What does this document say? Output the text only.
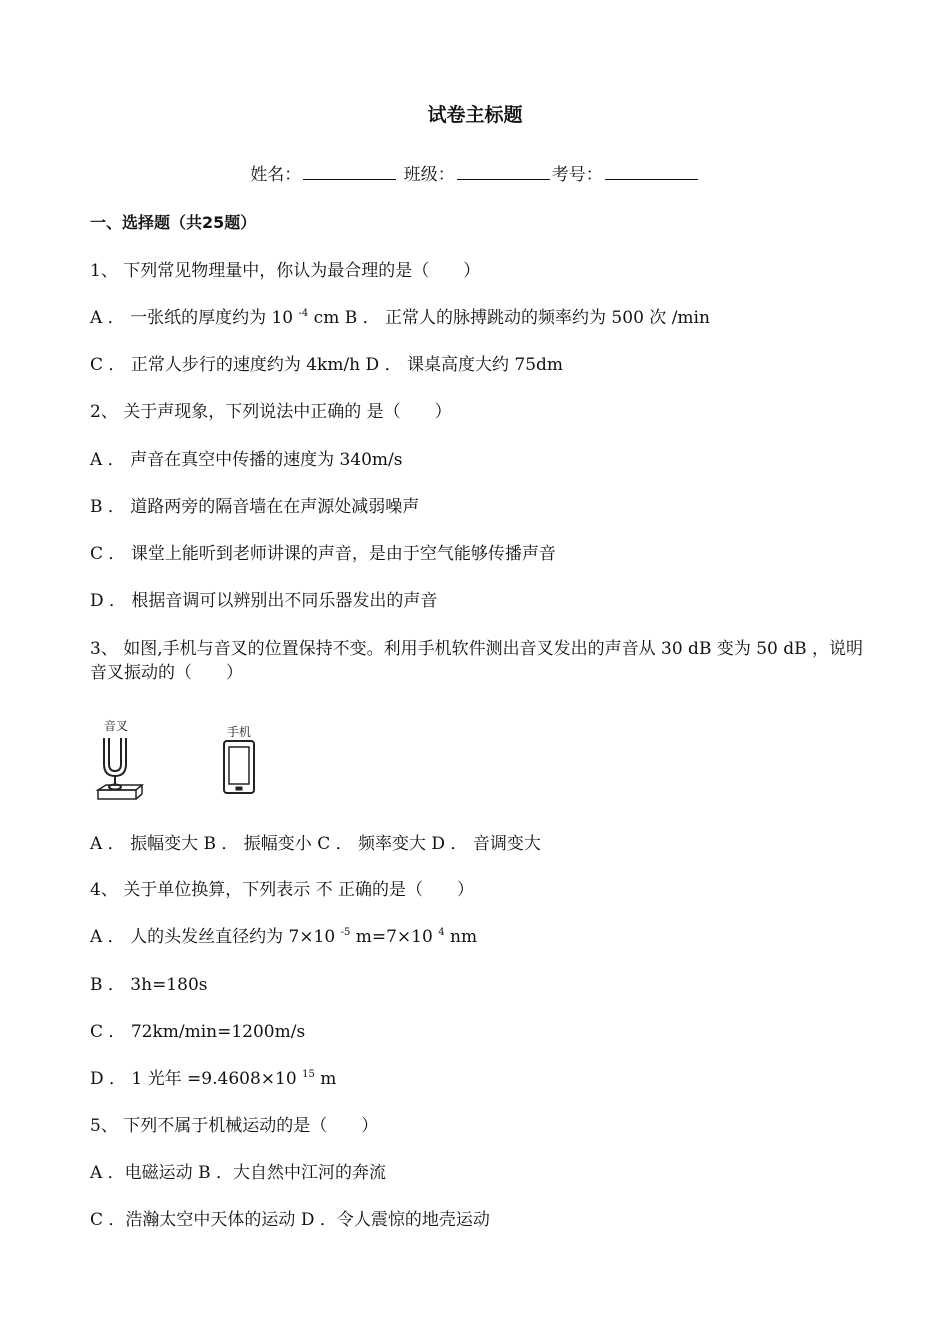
试卷主标题
姓名：	班级：	考号：
一、选择题（共25题）
1、 下列常见物理量中，你认为最合理的是（　　）
A ． 一张纸的厚度约为 10 $^{-4}$ cm B ． 正常人的脉搏跳动的频率约为 500 次 /min
C ． 正常人步行的速度约为 4km/h D ． 课桌高度大约 75dm
2、 关于声现象，下列说法中正确的 是（　　）
A ． 声音在真空中传播的速度为 340m/s
B ． 道路两旁的隔音墙在在声源处减弱噪声
C ． 课堂上能听到老师讲课的声音，是由于空气能够传播声音
D ． 根据音调可以辨别出不同乐器发出的声音
3、 如图,手机与音叉的位置保持不变。利用手机软件测出音叉发出的声音从 30 dB 变为 50 dB ，说明音叉振动的（　　）
音叉	手机
A ． 振幅变大 B ． 振幅变小 C ． 频率变大 D ． 音调变大
4、 关于单位换算，下列表示 不 正确的是（　　）
A ． 人的头发丝直径约为 7×10 $^{-5}$ m=7×10 $^4$ nm
B ． 3h=180s
C ． 72km/min=1200m/s
D ． 1 光年 =9.4608×10 $^{15}$ m
5、 下列不属于机械运动的是（　　）
A ．电磁运动 B ．大自然中江河的奔流
C ．浩瀚太空中天体的运动 D ．令人震惊的地壳运动
